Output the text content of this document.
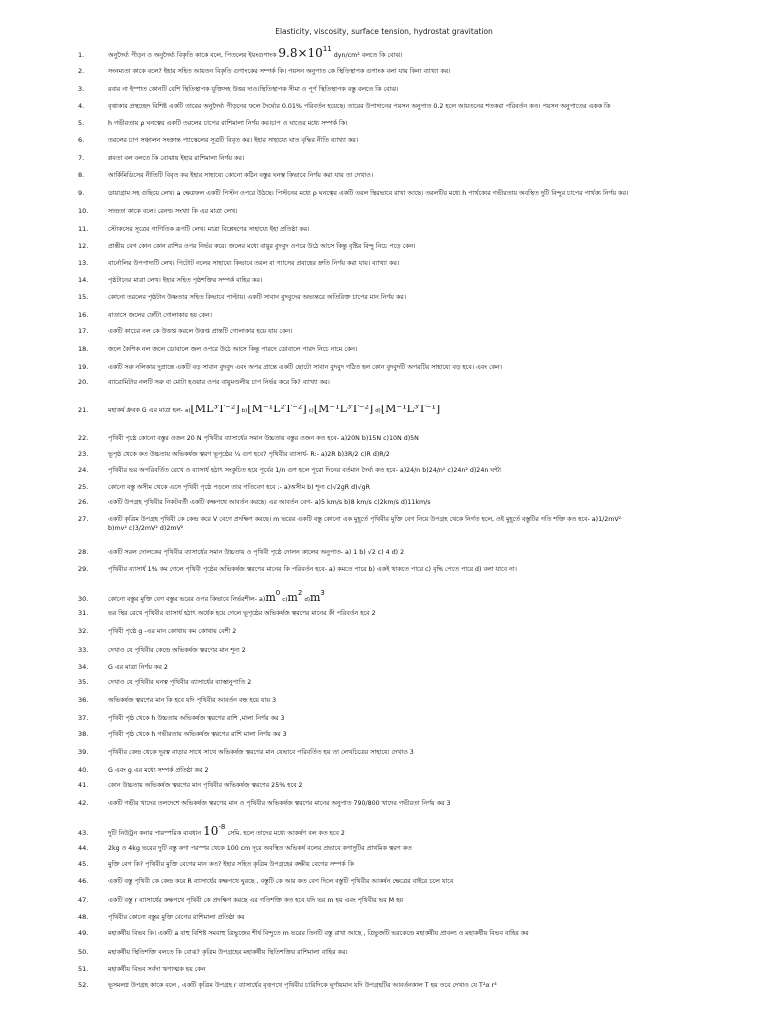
Elasticity, viscosity, surface tension, hydrostat gravitation
1.	অনুদৈর্ঘ্য পীড়ন ও অনুদৈর্ঘ্য বিকৃতি কাকে বলে, পিতলের ইয়ংগুণাংক 9.8×1011 dyn/cm² বলতে কি বোঝ।
2.	সংনম্যতা কাকে বলে? ইহার সহিত আয়তন বিকৃতি গুণাংকের সম্পর্ক কি। পয়সন অনুপাত কে স্থিতিস্থাপক গুণাংক বলা যায় কিনা ব্যাখ্যা কর।
3.	রবার না ইস্পাত কোনটি বেশি স্থিতিস্থাপক যুক্তিসহ উত্তর দাও।স্থিতিস্থাপক সীমা ও পূর্ণ স্থিতিস্থাপক বস্তু বলতে কি বোঝ।
4.	বৃত্তাকার প্রস্থচ্ছেদ বিশিষ্ট একটি তারের অনুদৈর্ঘ্য পীড়নের ফলে দৈর্ঘ্যের 0.01% পরিবর্তন হয়েছে। তারের উপাদানের পয়সন অনুপাত 0.2 হলে আয়তনের শতকরা পরিবর্তন কত। পয়সন অনুপাতের একক কি
5.	h গভীরতায় ρ ঘনত্বের একটি তরলের চাপের রাশিমালা নির্ণয় কর।চাপ ও ঘাতের মধ্যে সম্পর্ক কি।
6.	তরলের চাপ সঞ্চালন সংক্রান্ত প্যাস্কেলের সূত্রটি বিবৃত কর। ইহার সাহায্যে ঘাত বৃদ্ধির নীতি ব্যাখ্যা কর।
7.	প্লবতা বল বলতে কি বোঝায় ইহার রাশিমালা নির্ণয় কর।
8.	আর্কিমিডিসের নীতিটি বিবৃত কর ইহার সাহায্যে কোনো কঠিন বস্তুর ঘনত্ব কিভাবে নির্ণয় করা যায় তা দেখাও।
9.	ডায়াগ্রাম সহ গুছিয়ে লেখ। a ক্ষেত্রফল একটি পিস্টন ওপরে উঠছে। পিস্টনের মধ্যে ρ ঘনত্বের একটি তরল স্থিরভাবে রাখা আছে। তরলটির মধ্যে h পার্থক্যের গভীরতায় অবস্থিত দুটি বিন্দুর চাপের পার্থক্য নির্ণয় কর।
10.	সান্দ্রতা কাকে বলে। রেনল্ড সংখ্যা কি এর মাত্রা লেখ।
11.	স্টোকসের সূত্রের গাণিতিক রূপটি লেখ। মাত্রা বিশ্লেষণের সাহায্যে ইহা প্রতিষ্ঠা কর।
12.	প্রান্তীয় বেগ কোন কোন রাশির ওপর নির্ভর করে। জলের মধ্যে বায়ুর বুদবুদ ওপরে উঠে আসে কিন্তু বৃষ্টির বিন্দু নিচে পড়ে কেন।
13.	বার্নোলির উপপাদ্যটি লেখ। পিটোট নলের সাহায্যে কিভাবে তরল বা গ্যাসের প্রবাহের দ্রুতি নির্ণয় করা যায়। ব্যাখ্যা কর।
14.	পৃষ্ঠটানের মাত্রা লেখ। ইহার সহিত পৃষ্ঠশক্তির সম্পর্ক বাহির কর।
15.	কোনো তরলের পৃষ্ঠটান উষ্ণতার সহিত কিভাবে পাল্টায়। একটি সাবান বুদবুদের অভ্যন্তরে অতিরিক্ত চাপের মান নির্ণয় কর।
16.	বাতাসে জলের ফোঁটা গোলাকার হয় কেন।
17.	একটি কাচের নল কে উত্তপ্ত করলে উত্তপ্ত প্রান্তটি গোলাকার হয়ে যায় কেন।
18.	জলে কৈশিক নল জলে ডোবালে জল ওপরে উঠে আসে কিন্তু পারদে ডোবালে পারদ নিচে নামে কেন।
19.	একটি সরু নলিকার দুপ্রান্তে একটি বড় সাবান বুদবুদ এবং অপর প্রান্তে একটি ছোটো সাবান বুদবুদ গঠিত হল কোন বুদবুদটি অপরটির সাহায্যে বড় হবে। এবং কেন।
20.	ব্যারোমিটার নলটি সরু বা মোটা হওয়ার ওপর বায়ুমণ্ডলীয় চাপ নির্ভর করে কি? ব্যাখ্যা কর।
21.	মহাকর্ষ ধ্রুবক G এর মাত্রা হল- a)[ML³T⁻²] b)[M⁻¹L²T⁻²] c)[M⁻¹L³T⁻²] d)[M⁻¹L³T⁻¹]
22.	পৃথিবী পৃষ্ঠে কোনো বস্তুর ওজন 20 N পৃথিবীর ব্যাসার্ধের সমান উচ্চতায় বস্তুর ওজন কত হবে- a)20N b)15N c)10N d)5N
23.	ভূপৃষ্ঠ থেকে কত উচ্চতায় অভিকর্ষজ ত্বরণ ভূপৃষ্ঠের ¼ গুণ হবে? পৃথিবীর ব্যাসার্ধ- R:- a)2R b)3R/2 c)R d)R/2
24.	পৃথিবীর ভর অপরিবর্তিত রেখে ও ব্যাসার্ধ হঠাৎ সংকুচিত হয়ে পূর্বের 1/n গুণ হলে পূরো দিনের বর্তমান দৈর্ঘ্য কত হবে- a)24/n b)24/n² c)24n² d)24n ঘন্টা
25.	কোনো বস্তু অসীম থেকে এসে পৃথিবী পৃষ্ঠে পড়লে তার গতিবেগ হবে :- a)অসীম b) শূন্য c)√2gR d)√gR
26.	একটি উপগ্রহ পৃথিবীর নিকটবর্তী একটি কক্ষপথে আবর্তন করছে। এর আবর্তন বেগ- a)5 km/s b)8 km/s c)2km/s d)11km/s
27.	একটি কৃত্রিম উপগ্রহ পৃথিবী কে কেন্দ্র করে V বেগে প্রদক্ষিণ করছে। m ভরের একটি বস্তু কোনো এক মুহূর্তে পৃথিবীর মুক্তি বেগ নিয়ে উপগ্রহ থেকে নির্গত হলে, ওই মুহূর্তে বস্তুটির গতি শক্তি কত হবে- a)1/2mV²
b)mv² c)3/2mV² d)2mV²
28.	একটি সরল দোলকের পৃথিবীর ব্যাসার্ধের সমান উচ্চতায় ও পৃথিবী পৃষ্ঠে দোলন কালের অনুপাত- a) 1 b) √2 c) 4 d) 2
29.	পৃথিবীর ব্যাসার্ধ 1% কম গেলে পৃথিবী পৃষ্ঠের অভিকর্ষজ ত্বরণের মানের কি পরিবর্তন হবে- a) কমতে পারে b) একই থাকতে পারে c) বৃদ্ধি পেতে পারে d) বলা যাবে না।
30.	কোনো বস্তুর মুক্তি বেগ বস্তুর ভরের ওপর কিভাবে নির্ভরশীল- a)m0 c)m2 d)m3
31.	ভর স্থির রেখে পৃথিবীর ব্যাসার্ধ হঠাৎ অর্ধেক হয়ে গেলে ভূপৃষ্ঠের অভিকর্ষজ ত্বরণের মানের কী পরিবর্তন হবে 2
32.	পৃথিবী পৃষ্ঠে g -এর মান কোথায় কম কোথায় বেশী 2
33.	দেখাও যে পৃথিবীর কেন্দ্রে অভিকর্ষজ ত্বরণের মান শূন্য 2
34.	G এর মাত্রা নির্ণয় কর 2
35.	দেখাও যে পৃথিবীর ঘনত্ব পৃথিবীর ব্যাসার্ধের ব্যাস্তানুপাতি 2
36.	অভিকর্ষজ ত্বরণের মান কি হবে যদি পৃথিবীর আবর্তন বন্ধ হয়ে যায় 3
37.	পৃথিবী পৃষ্ঠ থেকে h উচ্চতায় অভিকর্ষজ ত্বরণের রাশি ,মালা নির্ণয় কর 3
38.	পৃথিবী পৃষ্ঠ থেকে h গভীরতায় অভিকর্ষজ ত্বরণের রাশি মালা নির্ণয় কর 3
39.	পৃথিবীর কেন্দ্র থেকে দূরত্ব বাড়ার সাথে সাথে অভিকর্ষজ ত্বরণের মান যেভাবে পরিবর্তিত হয় তা লেখচিত্রের সাহায্যে দেখাও 3
40.	G এবং g এর মধ্যে সম্পর্ক প্রতিষ্ঠা কর 2
41.	কোন উচ্চতায় অভিকর্ষজ ত্বরণের মান পৃথিবীর অভিকর্ষজ ত্বরণের 25% হবে 2
42.	একটি গভীর খাদের তলদেশে অভিকর্ষজ ত্বরণের মান ও পৃথিবীর অভিকর্ষজ ত্বরণের মানের অনুপাত 790/800 খাদের গভীরতা নির্ণয় কর 3
43.	দুটি নিউট্রন কনার পারস্পরিক ব্যবধান 10-8 সেমি. হলে তাদের মধ্যে আকর্ষণ বল কত হবে 2
44.	2kg ও 4kg ভরের দুটি বস্তু কণা পরস্পর থেকে 100 cm দূরে অবস্থিত অভিকর্ষ বলের প্রভাবে কণাদুটির প্রাথমিক ত্বরণ কত
45.	মুক্তি বেগ কি? পৃথিবীর মুক্তি বেগের মান কত? ইহার সহিত কৃত্রিম উপগ্রহের কক্ষীয় বেগের সম্পর্ক কি
46.	একটি বস্তু পৃথিবী কে কেন্দ্র করে R ব্যাসার্ধের কক্ষপথে ঘুরছে , বস্তুটি কে আর কত বেগ দিলে বস্তুটি পৃথিবীর আকর্ষন ক্ষেত্রের বাইরে চলে যাবে
47.	একটি বস্তু r ব্যাসার্ধের কক্ষপথে পৃথিবী কে প্রদক্ষিণ করছে এর গতিশক্তি কত হবে যদি ভর m হয় এবং পৃথিবীর ভর M হয়
48.	পৃথিবীর কোনো বস্তুর মুক্তি বেগের রাশিমালা প্রতিষ্ঠা কর
49.	মহাকর্ষীয় বিভব কি। একটি a বাহু বিশিষ্ট সমবাহু ত্রিভুজের শীর্ষ বিন্দুতে m ভরের তিনটি বস্তু রাখা আছে , ত্রিভুজটি ভরকেন্দ্রে মহাকর্ষীয় প্রাবল্য ও মহাকর্ষীয় বিভব বাহির কর
50.	মহাকর্ষীয় স্থিতিশক্তি বলতে কি বোঝ? কৃত্রিম উপগ্রহের মহাকর্ষীয় স্থিতিশক্তির রাশিমালা বাহির কর।
51.	মহাকর্ষীয় বিভব সর্বদা ঋণাত্মক হয় কেন
52.	ভূসমলগ্ন উপগ্রহ কাকে বলে , একটি কৃত্রিম উপগ্রহ r ব্যাসার্ধের বৃত্তপথে পৃথিবীর চারিদিকে ঘূর্ণায়মান যদি উপগ্রহটির আবর্তনকাল T হয় তবে দেখাও যে T²α r³
